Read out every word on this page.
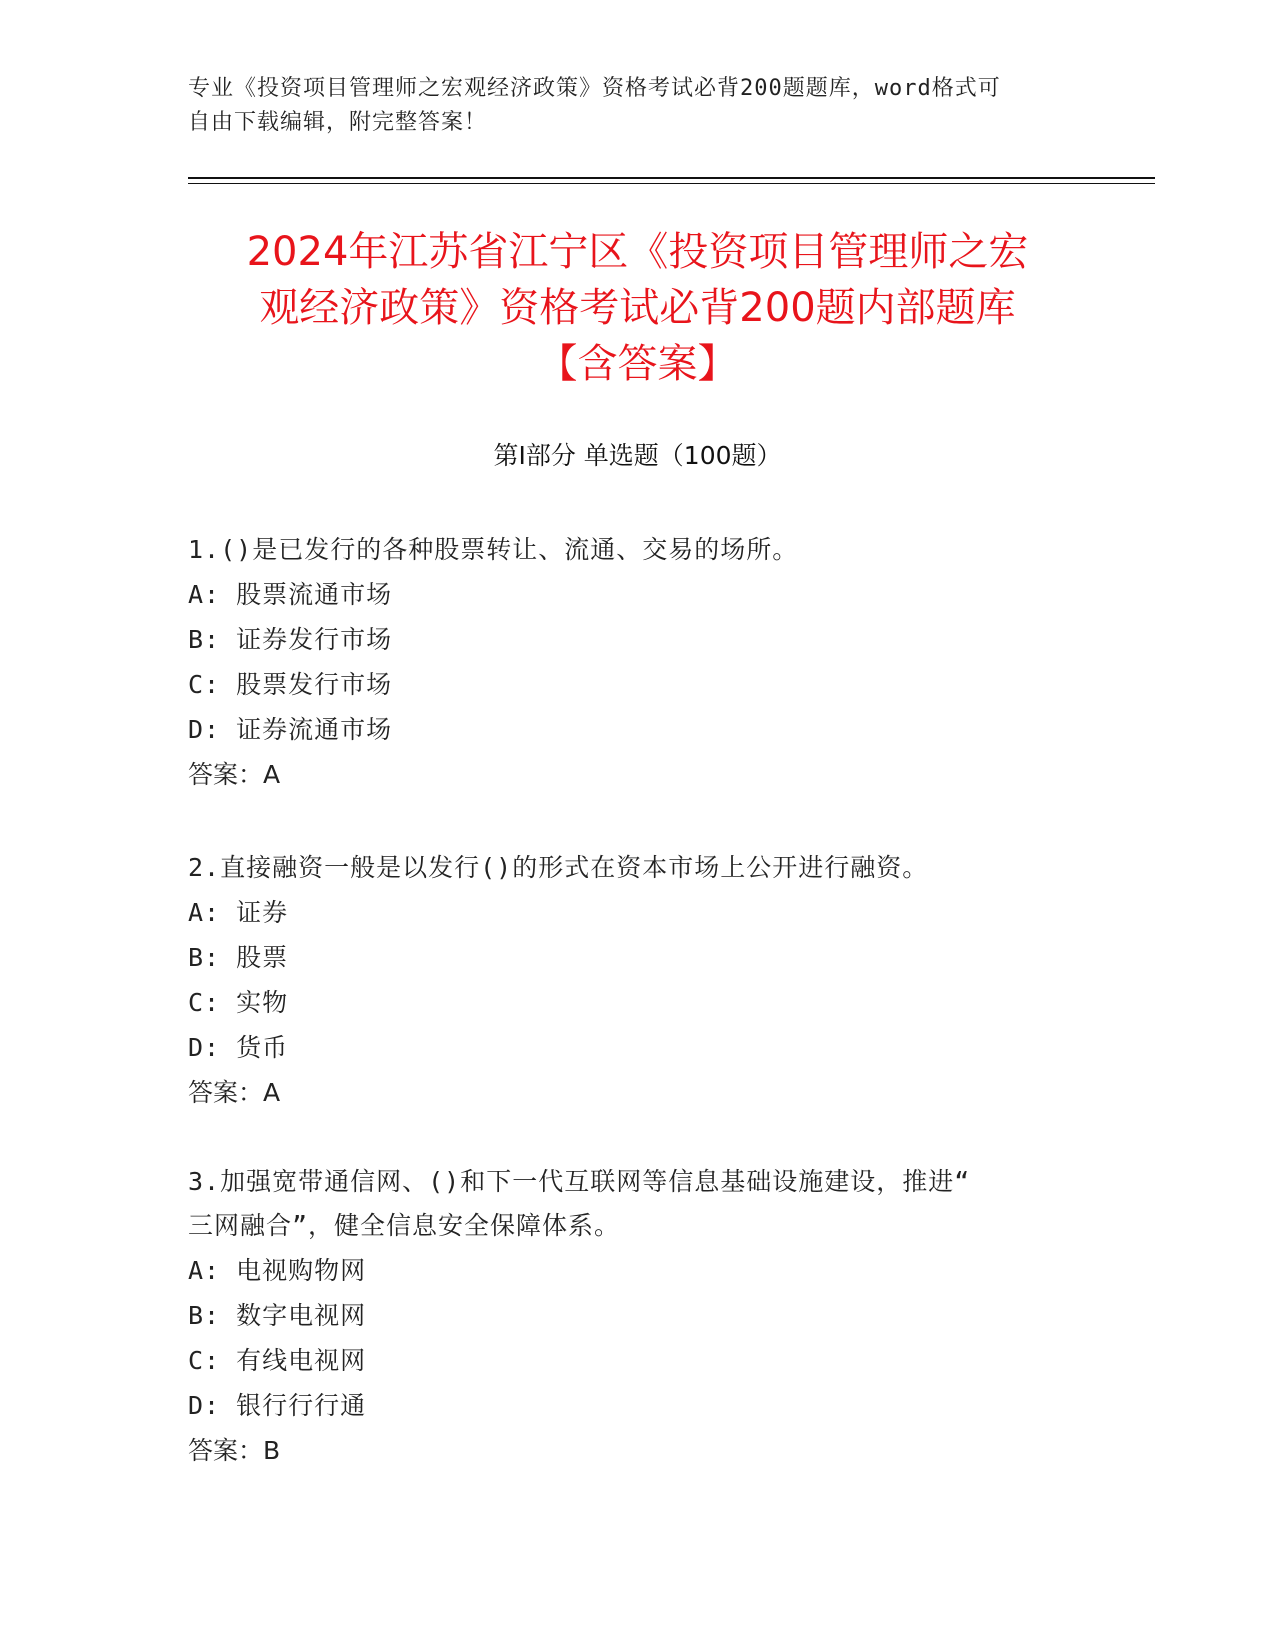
专业《投资项目管理师之宏观经济政策》资格考试必背200题题库，word格式可
自由下载编辑，附完整答案！
2024年江苏省江宁区《投资项目管理师之宏
观经济政策》资格考试必背200题内部题库
【含答案】
第Ⅰ部分 单选题（100题）
1.()是已发行的各种股票转让、流通、交易的场所。
A: 股票流通市场
B: 证券发行市场
C: 股票发行市场
D: 证券流通市场
答案：A
2.直接融资一般是以发行()的形式在资本市场上公开进行融资。
A: 证券
B: 股票
C: 实物
D: 货币
答案：A
3.加强宽带通信网、()和下一代互联网等信息基础设施建设，推进“
三网融合”，健全信息安全保障体系。
A: 电视购物网
B: 数字电视网
C: 有线电视网
D: 银行行行通
答案：B
